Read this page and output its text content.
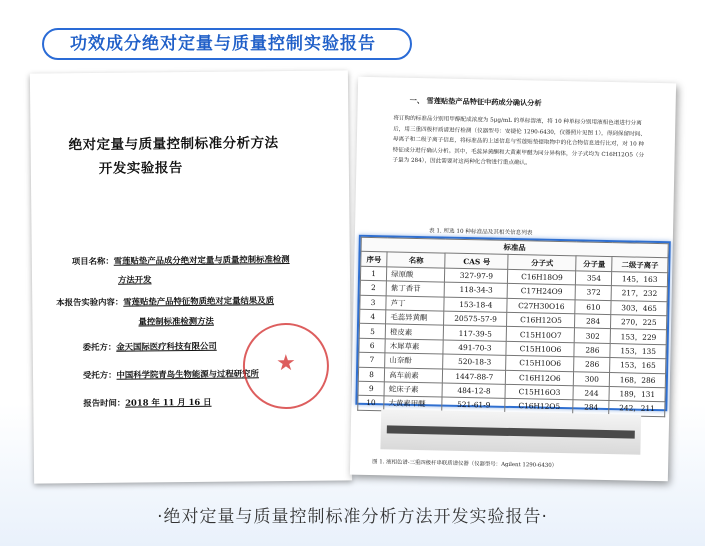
功效成分绝对定量与质量控制实验报告
绝对定量与质量控制标准分析方法
开发实验报告
项目名称：雪莲贴垫产品成分绝对定量与质量控制标准检测
方法开发
本报告实验内容：雪莲贴垫产品特征物质绝对定量结果及质
量控制标准检测方法
委托方：金天国际医疗科技有限公司
受托方：中国科学院青岛生物能源与过程研究所
报告时间：2018 年 11 月 16 日
★
一、 雪莲贴垫产品特征中药成分确认分析
将订购的标准品分别用甲醇配成浓度为 5μg/mL 的单标溶液，将 10 种单标分别用液相色谱进行分离后，用三重四极杆质谱进行检测（仪器型号：安捷伦 1290-6430，仪器照片见图 1），得到保留时间、母离子和二级子离子信息，将标准品的上述信息与雪莲贴垫提取物中的化合物信息进行比对，对 10 种特征成分进行确认分析。其中，毛蕊异黄酮和大黄素甲醚为同分异构体，分子式均为 C16H12O5（分子量为 284），因此需要对这两种化合物进行重点确认。
表 1. 所选 10 种标准品及其相关信息列表
标准品					
序号	名称	CAS 号	分子式	分子量	二级子离子
1	绿原酸	327-97-9	C16H18O9	354	145，163
2	紫丁香苷	118-34-3	C17H24O9	372	217，232
3	芦丁	153-18-4	C27H30O16	610	303，465
4	毛蕊异黄酮	20575-57-9	C16H12O5	284	270，225
5	橙皮素	117-39-5	C15H10O7	302	153，229
6	木犀草素	491-70-3	C15H10O6	286	153，135
7	山奈酚	520-18-3	C15H10O6	286	153，165
8	高车前素	1447-88-7	C16H12O6	300	168，286
9	蛇床子素	484-12-8	C15H16O3	244	189，131
10	大黄素甲醚	521-61-9	C16H12O5	284	242，211
图 1. 液相色谱-三重四极杆串联质谱仪器（仪器型号：Agilent 1290-6430）
·绝对定量与质量控制标准分析方法开发实验报告·
